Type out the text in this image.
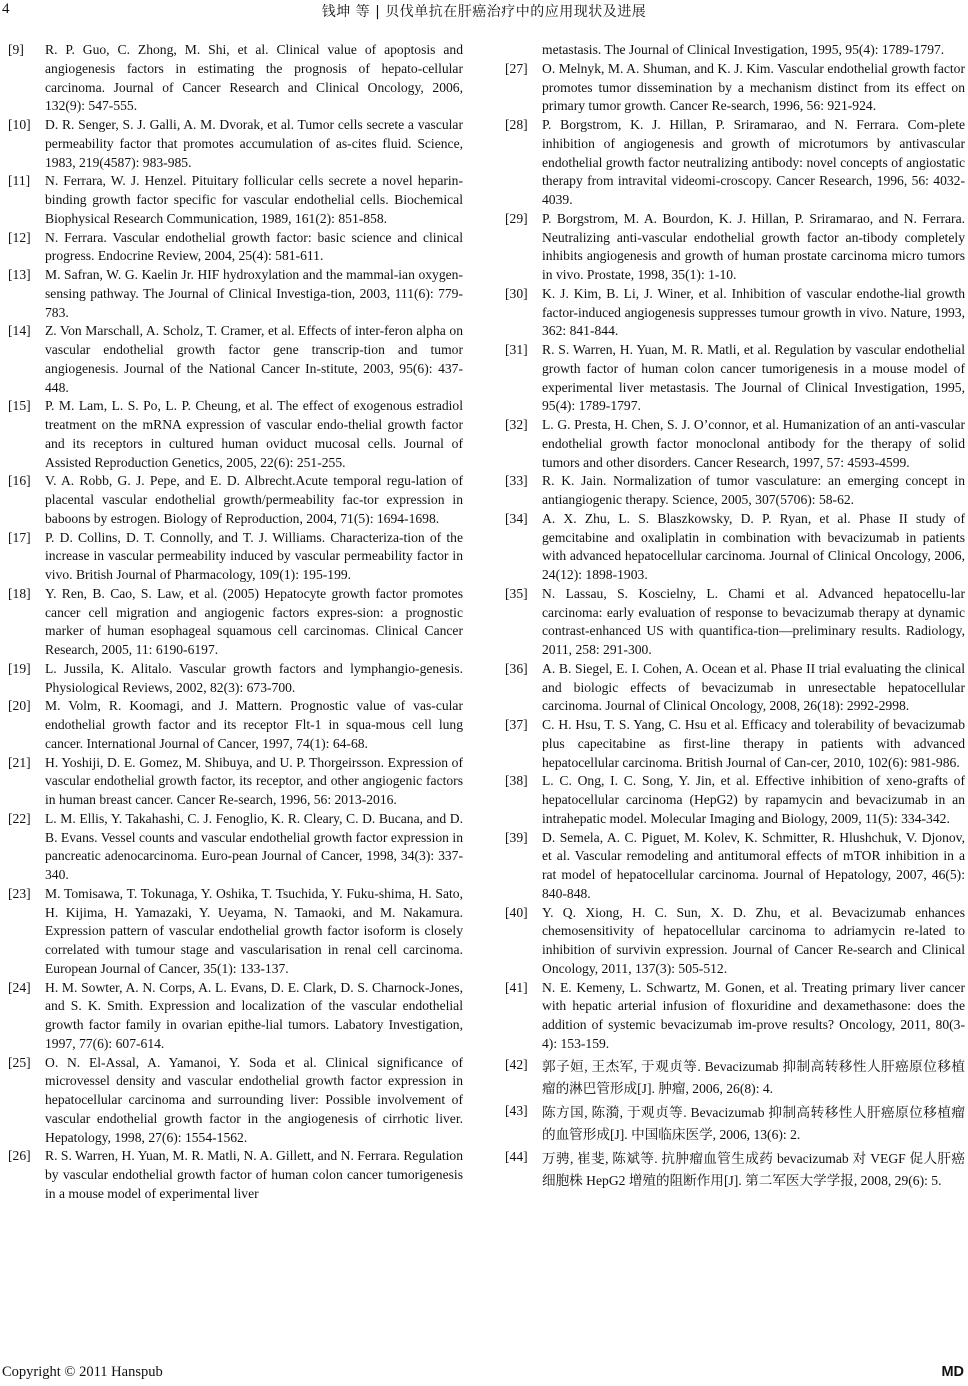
4	钱坤 等 | 贝伐单抗在肝癌治疗中的应用现状及进展
[9] R. P. Guo, C. Zhong, M. Shi, et al. Clinical value of apoptosis and angiogenesis factors in estimating the prognosis of hepato-cellular carcinoma. Journal of Cancer Research and Clinical Oncology, 2006, 132(9): 547-555.
[10] D. R. Senger, S. J. Galli, A. M. Dvorak, et al. Tumor cells secrete a vascular permeability factor that promotes accumulation of as-cites fluid. Science, 1983, 219(4587): 983-985.
[11] N. Ferrara, W. J. Henzel. Pituitary follicular cells secrete a novel heparin-binding growth factor specific for vascular endothelial cells. Biochemical Biophysical Research Communication, 1989, 161(2): 851-858.
[12] N. Ferrara. Vascular endothelial growth factor: basic science and clinical progress. Endocrine Review, 2004, 25(4): 581-611.
[13] M. Safran, W. G. Kaelin Jr. HIF hydroxylation and the mammal-ian oxygen-sensing pathway. The Journal of Clinical Investiga-tion, 2003, 111(6): 779-783.
[14] Z. Von Marschall, A. Scholz, T. Cramer, et al. Effects of inter-feron alpha on vascular endothelial growth factor gene transcrip-tion and tumor angiogenesis. Journal of the National Cancer In-stitute, 2003, 95(6): 437-448.
[15] P. M. Lam, L. S. Po, L. P. Cheung, et al. The effect of exogenous estradiol treatment on the mRNA expression of vascular endo-thelial growth factor and its receptors in cultured human oviduct mucosal cells. Journal of Assisted Reproduction Genetics, 2005, 22(6): 251-255.
[16] V. A. Robb, G. J. Pepe, and E. D. Albrecht.Acute temporal regu-lation of placental vascular endothelial growth/permeability fac-tor expression in baboons by estrogen. Biology of Reproduction, 2004, 71(5): 1694-1698.
[17] P. D. Collins, D. T. Connolly, and T. J. Williams. Characteriza-tion of the increase in vascular permeability induced by vascular permeability factor in vivo. British Journal of Pharmacology, 109(1): 195-199.
[18] Y. Ren, B. Cao, S. Law, et al. (2005) Hepatocyte growth factor promotes cancer cell migration and angiogenic factors expres-sion: a prognostic marker of human esophageal squamous cell carcinomas. Clinical Cancer Research, 2005, 11: 6190-6197.
[19] L. Jussila, K. Alitalo. Vascular growth factors and lymphangio-genesis. Physiological Reviews, 2002, 82(3): 673-700.
[20] M. Volm, R. Koomagi, and J. Mattern. Prognostic value of vas-cular endothelial growth factor and its receptor Flt-1 in squa-mous cell lung cancer. International Journal of Cancer, 1997, 74(1): 64-68.
[21] H. Yoshiji, D. E. Gomez, M. Shibuya, and U. P. Thorgeirsson. Expression of vascular endothelial growth factor, its receptor, and other angiogenic factors in human breast cancer. Cancer Re-search, 1996, 56: 2013-2016.
[22] L. M. Ellis, Y. Takahashi, C. J. Fenoglio, K. R. Cleary, C. D. Bucana, and D. B. Evans. Vessel counts and vascular endothelial growth factor expression in pancreatic adenocarcinoma. Euro-pean Journal of Cancer, 1998, 34(3): 337-340.
[23] M. Tomisawa, T. Tokunaga, Y. Oshika, T. Tsuchida, Y. Fuku-shima, H. Sato, H. Kijima, H. Yamazaki, Y. Ueyama, N. Tamaoki, and M. Nakamura. Expression pattern of vascular endothelial growth factor isoform is closely correlated with tumour stage and vascularisation in renal cell carcinoma. European Journal of Cancer, 35(1): 133-137.
[24] H. M. Sowter, A. N. Corps, A. L. Evans, D. E. Clark, D. S. Charnock-Jones, and S. K. Smith. Expression and localization of the vascular endothelial growth factor family in ovarian epithe-lial tumors. Labatory Investigation, 1997, 77(6): 607-614.
[25] O. N. El-Assal, A. Yamanoi, Y. Soda et al. Clinical significance of microvessel density and vascular endothelial growth factor expression in hepatocellular carcinoma and surrounding liver: Possible involvement of vascular endothelial growth factor in the angiogenesis of cirrhotic liver. Hepatology, 1998, 27(6): 1554-1562.
[26] R. S. Warren, H. Yuan, M. R. Matli, N. A. Gillett, and N. Ferrara. Regulation by vascular endothelial growth factor of human colon cancer tumorigenesis in a mouse model of experimental liver
metastasis. The Journal of Clinical Investigation, 1995, 95(4): 1789-1797.
[27] O. Melnyk, M. A. Shuman, and K. J. Kim. Vascular endothelial growth factor promotes tumor dissemination by a mechanism distinct from its effect on primary tumor growth. Cancer Re-search, 1996, 56: 921-924.
[28] P. Borgstrom, K. J. Hillan, P. Sriramarao, and N. Ferrara. Com-plete inhibition of angiogenesis and growth of microtumors by antivascular endothelial growth factor neutralizing antibody: novel concepts of angiostatic therapy from intravital videomi-croscopy. Cancer Research, 1996, 56: 4032-4039.
[29] P. Borgstrom, M. A. Bourdon, K. J. Hillan, P. Sriramarao, and N. Ferrara. Neutralizing anti-vascular endothelial growth factor an-tibody completely inhibits angiogenesis and growth of human prostate carcinoma micro tumors in vivo. Prostate, 1998, 35(1): 1-10.
[30] K. J. Kim, B. Li, J. Winer, et al. Inhibition of vascular endothe-lial growth factor-induced angiogenesis suppresses tumour growth in vivo. Nature, 1993, 362: 841-844.
[31] R. S. Warren, H. Yuan, M. R. Matli, et al. Regulation by vascular endothelial growth factor of human colon cancer tumorigenesis in a mouse model of experimental liver metastasis. The Journal of Clinical Investigation, 1995, 95(4): 1789-1797.
[32] L. G. Presta, H. Chen, S. J. O’connor, et al. Humanization of an anti-vascular endothelial growth factor monoclonal antibody for the therapy of solid tumors and other disorders. Cancer Research, 1997, 57: 4593-4599.
[33] R. K. Jain. Normalization of tumor vasculature: an emerging concept in antiangiogenic therapy. Science, 2005, 307(5706): 58-62.
[34] A. X. Zhu, L. S. Blaszkowsky, D. P. Ryan, et al. Phase II study of gemcitabine and oxaliplatin in combination with bevacizumab in patients with advanced hepatocellular carcinoma. Journal of Clinical Oncology, 2006, 24(12): 1898-1903.
[35] N. Lassau, S. Koscielny, L. Chami et al. Advanced hepatocellu-lar carcinoma: early evaluation of response to bevacizumab therapy at dynamic contrast-enhanced US with quantifica-tion—preliminary results. Radiology, 2011, 258: 291-300.
[36] A. B. Siegel, E. I. Cohen, A. Ocean et al. Phase II trial evaluating the clinical and biologic effects of bevacizumab in unresectable hepatocellular carcinoma. Journal of Clinical Oncology, 2008, 26(18): 2992-2998.
[37] C. H. Hsu, T. S. Yang, C. Hsu et al. Efficacy and tolerability of bevacizumab plus capecitabine as first-line therapy in patients with advanced hepatocellular carcinoma. British Journal of Can-cer, 2010, 102(6): 981-986.
[38] L. C. Ong, I. C. Song, Y. Jin, et al. Effective inhibition of xeno-grafts of hepatocellular carcinoma (HepG2) by rapamycin and bevacizumab in an intrahepatic model. Molecular Imaging and Biology, 2009, 11(5): 334-342.
[39] D. Semela, A. C. Piguet, M. Kolev, K. Schmitter, R. Hlushchuk, V. Djonov, et al. Vascular remodeling and antitumoral effects of mTOR inhibition in a rat model of hepatocellular carcinoma. Journal of Hepatology, 2007, 46(5): 840-848.
[40] Y. Q. Xiong, H. C. Sun, X. D. Zhu, et al. Bevacizumab enhances chemosensitivity of hepatocellular carcinoma to adriamycin re-lated to inhibition of survivin expression. Journal of Cancer Re-search and Clinical Oncology, 2011, 137(3): 505-512.
[41] N. E. Kemeny, L. Schwartz, M. Gonen, et al. Treating primary liver cancer with hepatic arterial infusion of floxuridine and dexamethasone: does the addition of systemic bevacizumab im-prove results? Oncology, 2011, 80(3-4): 153-159.
[42] 郭子姮, 王杰军, 于观贞等. Bevacizumab 抑制高转移性人肝癌原位移植瘤的淋巴管形成[J]. 肿瘤, 2006, 26(8): 4.
[43] 陈方国, 陈漪, 于观贞等. Bevacizumab 抑制高转移性人肝癌原位移植瘤的血管形成[J]. 中国临床医学, 2006, 13(6): 2.
[44] 万骋, 崔斐, 陈斌等. 抗肿瘤血管生成药 bevacizumab 对 VEGF 促人肝癌细胞株 HepG2 增殖的阻断作用[J]. 第二军医大学学报, 2008, 29(6): 5.
Copyright © 2011 Hanspub	MD
